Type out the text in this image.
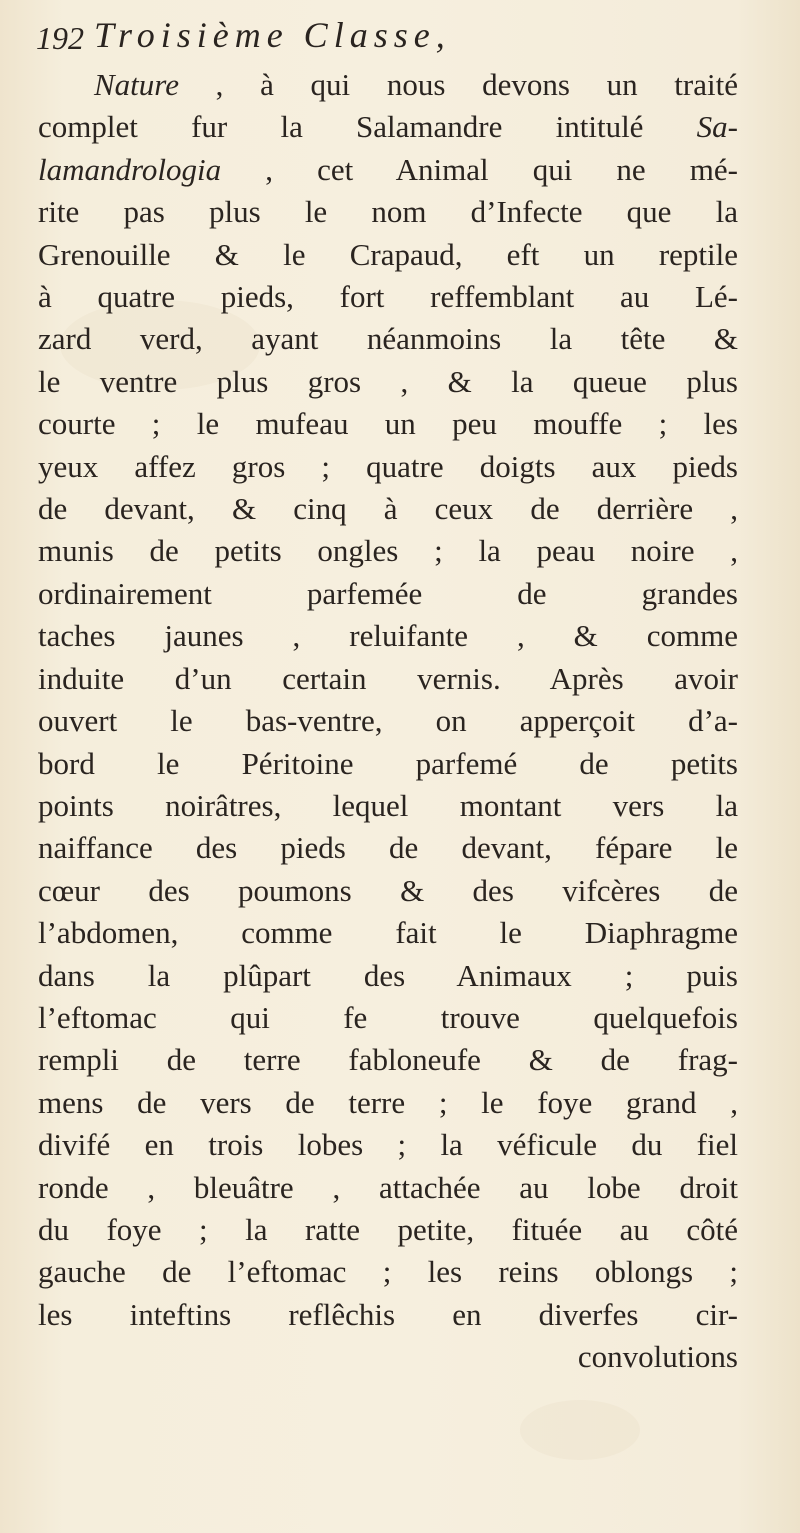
192 Troisième Classe,
Nature , à qui nous devons un traité
complet fur la Salamandre intitulé Sa-
lamandrologia , cet Animal qui ne mé-
rite pas plus le nom d’Infecte que la
Grenouille & le Crapaud, eft un reptile
à quatre pieds, fort reffemblant au Lé-
zard verd, ayant néanmoins la tête &
le ventre plus gros , & la queue plus
courte ; le mufeau un peu mouffe ; les
yeux affez gros ; quatre doigts aux pieds
de devant, & cinq à ceux de derrière ,
munis de petits ongles ; la peau noire ,
ordinairement parfemée de grandes
taches jaunes , reluifante , & comme
induite d’un certain vernis. Après avoir
ouvert le bas-ventre, on apperçoit d’a-
bord le Péritoine parfemé de petits
points noirâtres, lequel montant vers la
naiffance des pieds de devant, fépare le
cœur des poumons & des vifcères de
l’abdomen, comme fait le Diaphragme
dans la plûpart des Animaux ; puis
l’eftomac qui fe trouve quelquefois
rempli de terre fabloneufe & de frag-
mens de vers de terre ; le foye grand ,
divifé en trois lobes ; la véficule du fiel
ronde , bleuâtre , attachée au lobe droit
du foye ; la ratte petite, fituée au côté
gauche de l’eftomac ; les reins oblongs ;
les inteftins reflêchis en diverfes cir-
convolutions
